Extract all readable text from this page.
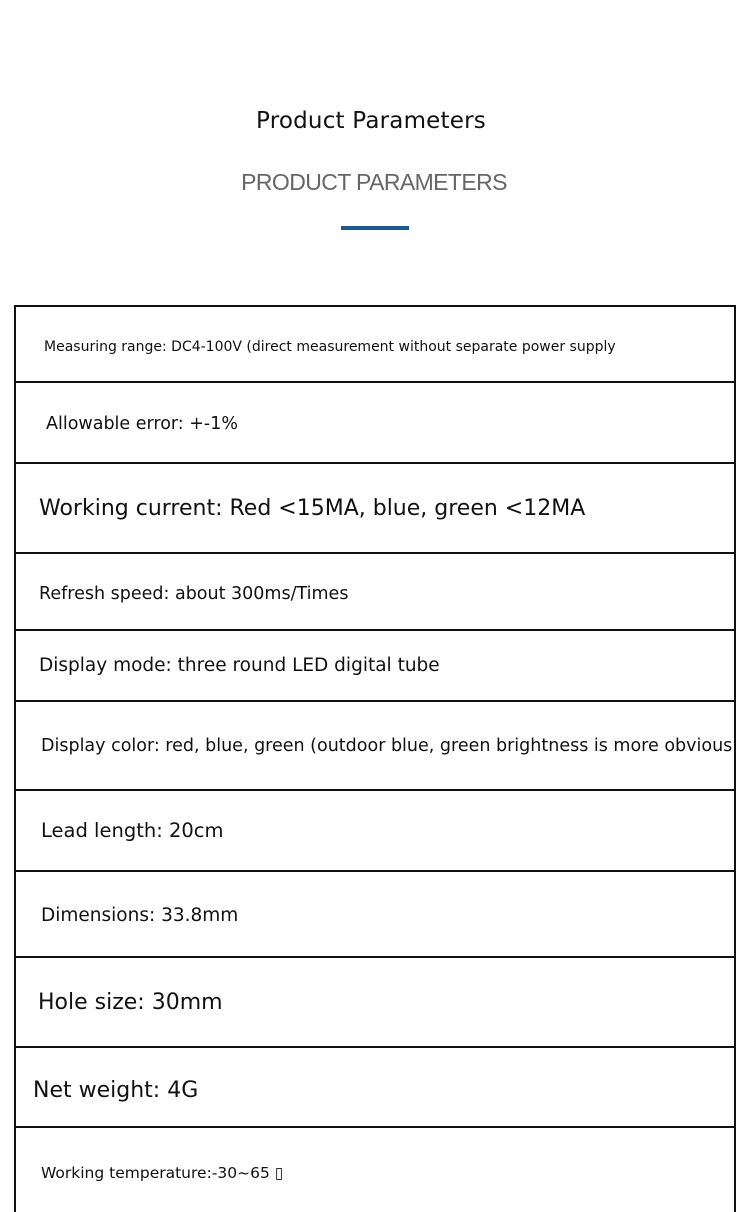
Product Parameters
PRODUCT PARAMETERS
Measuring range: DC4-100V (direct measurement without separate power supply
Allowable error: +-1%
Working current: Red <15MA, blue, green <12MA
Refresh speed: about 300ms/Times
Display mode: three round LED digital tube
Display color: red, blue, green (outdoor blue, green brightness is more obvious
Lead length: 20cm
Dimensions: 33.8mm
Hole size: 30mm
Net weight: 4G
Working temperature:-30~65 ▯
